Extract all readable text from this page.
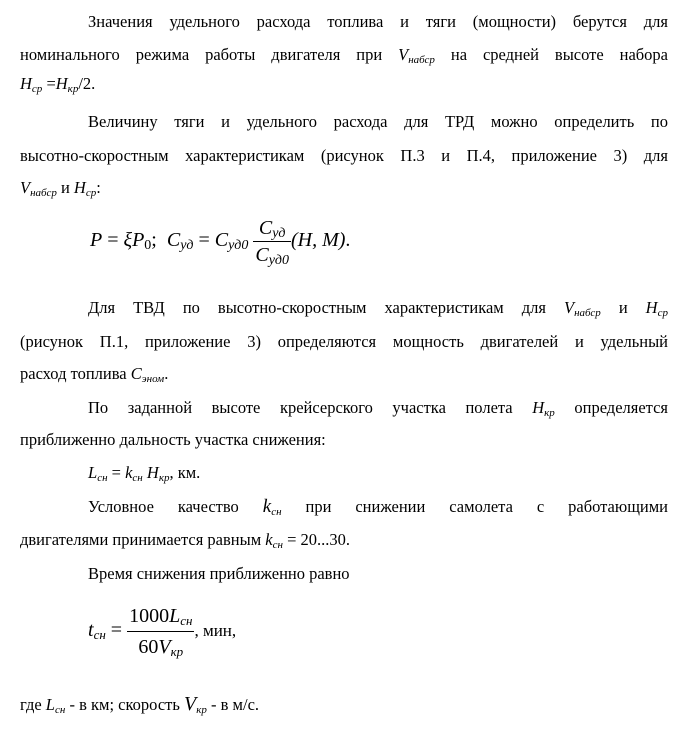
Значения удельного расхода топлива и тяги (мощности) берутся для
номинального режима работы двигателя при $V_{набср}$ на средней высоте набора
$H_{ср} =H_{кр}/2$.
Величину тяги и удельного расхода для ТРД можно определить по
высотно-скоростным характеристикам (рисунок П.3 и П.4, приложение 3) для
$V_{набср}$ и $H_{ср}$:
$P = \xi P_0$;  $C_{уд} = C_{уд0} \frac{C_{уд}}{C_{уд0}} (H$, M).
Для ТВД по высотно-скоростным характеристикам для $V_{набср}$ и $H_{ср}$
(рисунок П.1, приложение 3) определяются мощность двигателей и удельный
расход топлива $C_{эном}$.
По заданной высоте крейсерского участка полета $H_{кр}$ определяется
приближенно дальность участка снижения:
$L_{сн} = k_{сн}$ $H_{кр}$, км.
Условное качество $k_{сн}$ при снижении самолета с работающими
двигателями принимается равным $k_{сн} = 20...30$.
Время снижения приближенно равно
$t_{сн} = \frac{1000L_{сн}}{60V_{кр}}$ , мин,
где $L_{сн}$ - в км; скорость $V_{кр}$ - в м/с.
